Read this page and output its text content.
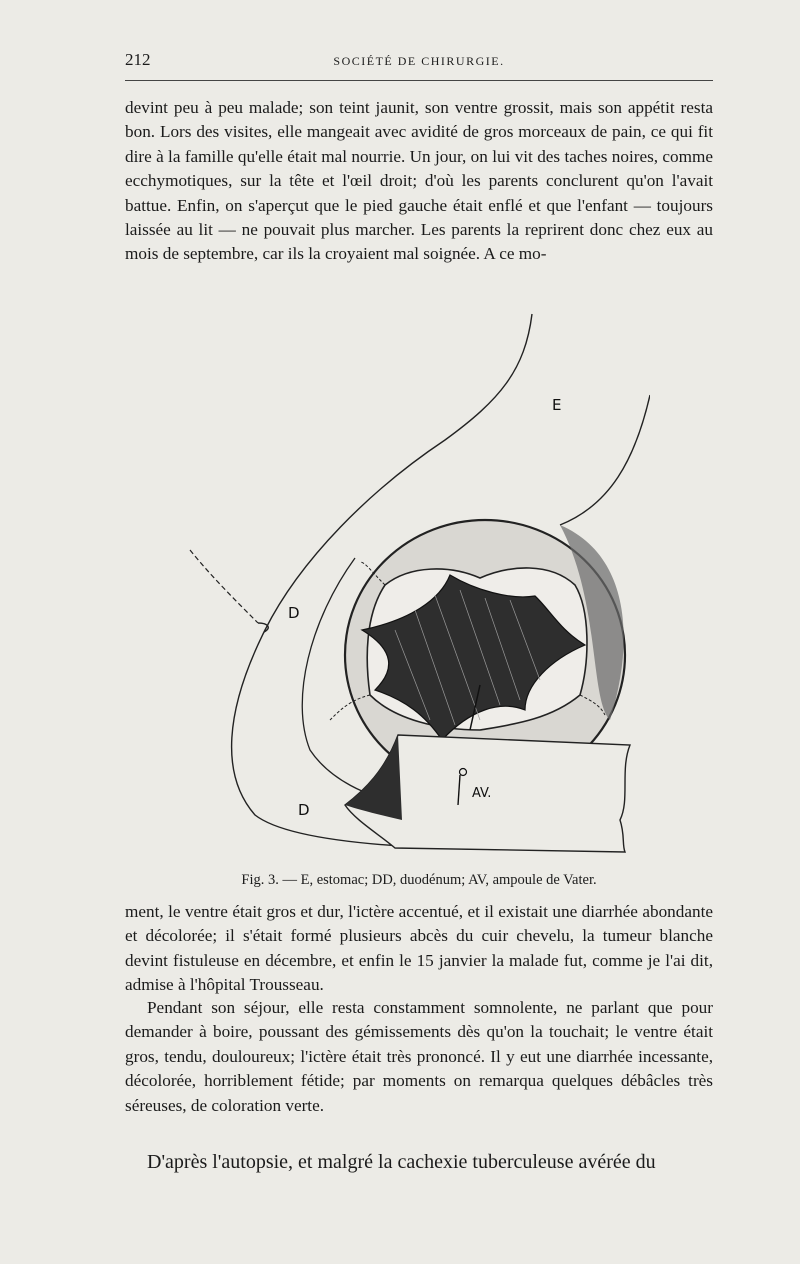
212	SOCIÉTÉ DE CHIRURGIE.

devint peu à peu malade; son teint jaunit, son ventre grossit, mais son appétit resta bon. Lors des visites, elle mangeait avec avidité de gros morceaux de pain, ce qui fit dire à la famille qu'elle était mal nourrie. Un jour, on lui vit des taches noires, comme ecchymotiques, sur la tête et l'œil droit; d'où les parents conclurent qu'on l'avait battue. Enfin, on s'aperçut que le pied gauche était enflé et que l'enfant — toujours laissée au lit — ne pouvait plus marcher. Les parents la reprirent donc chez eux au mois de septembre, car ils la croyaient mal soignée. A ce mo-

E
D
D
AV.
Fig. 3. — E, estomac; DD, duodénum; AV, ampoule de Vater.

ment, le ventre était gros et dur, l'ictère accentué, et il existait une diarrhée abondante et décolorée; il s'était formé plusieurs abcès du cuir chevelu, la tumeur blanche devint fistuleuse en décembre, et enfin le 15 janvier la malade fut, comme je l'ai dit, admise à l'hôpital Trousseau.

Pendant son séjour, elle resta constamment somnolente, ne parlant que pour demander à boire, poussant des gémissements dès qu'on la touchait; le ventre était gros, tendu, douloureux; l'ictère était très prononcé. Il y eut une diarrhée incessante, décolorée, horriblement fétide; par moments on remarqua quelques débâcles très séreuses, de coloration verte.

D'après l'autopsie, et malgré la cachexie tuberculeuse avérée du
